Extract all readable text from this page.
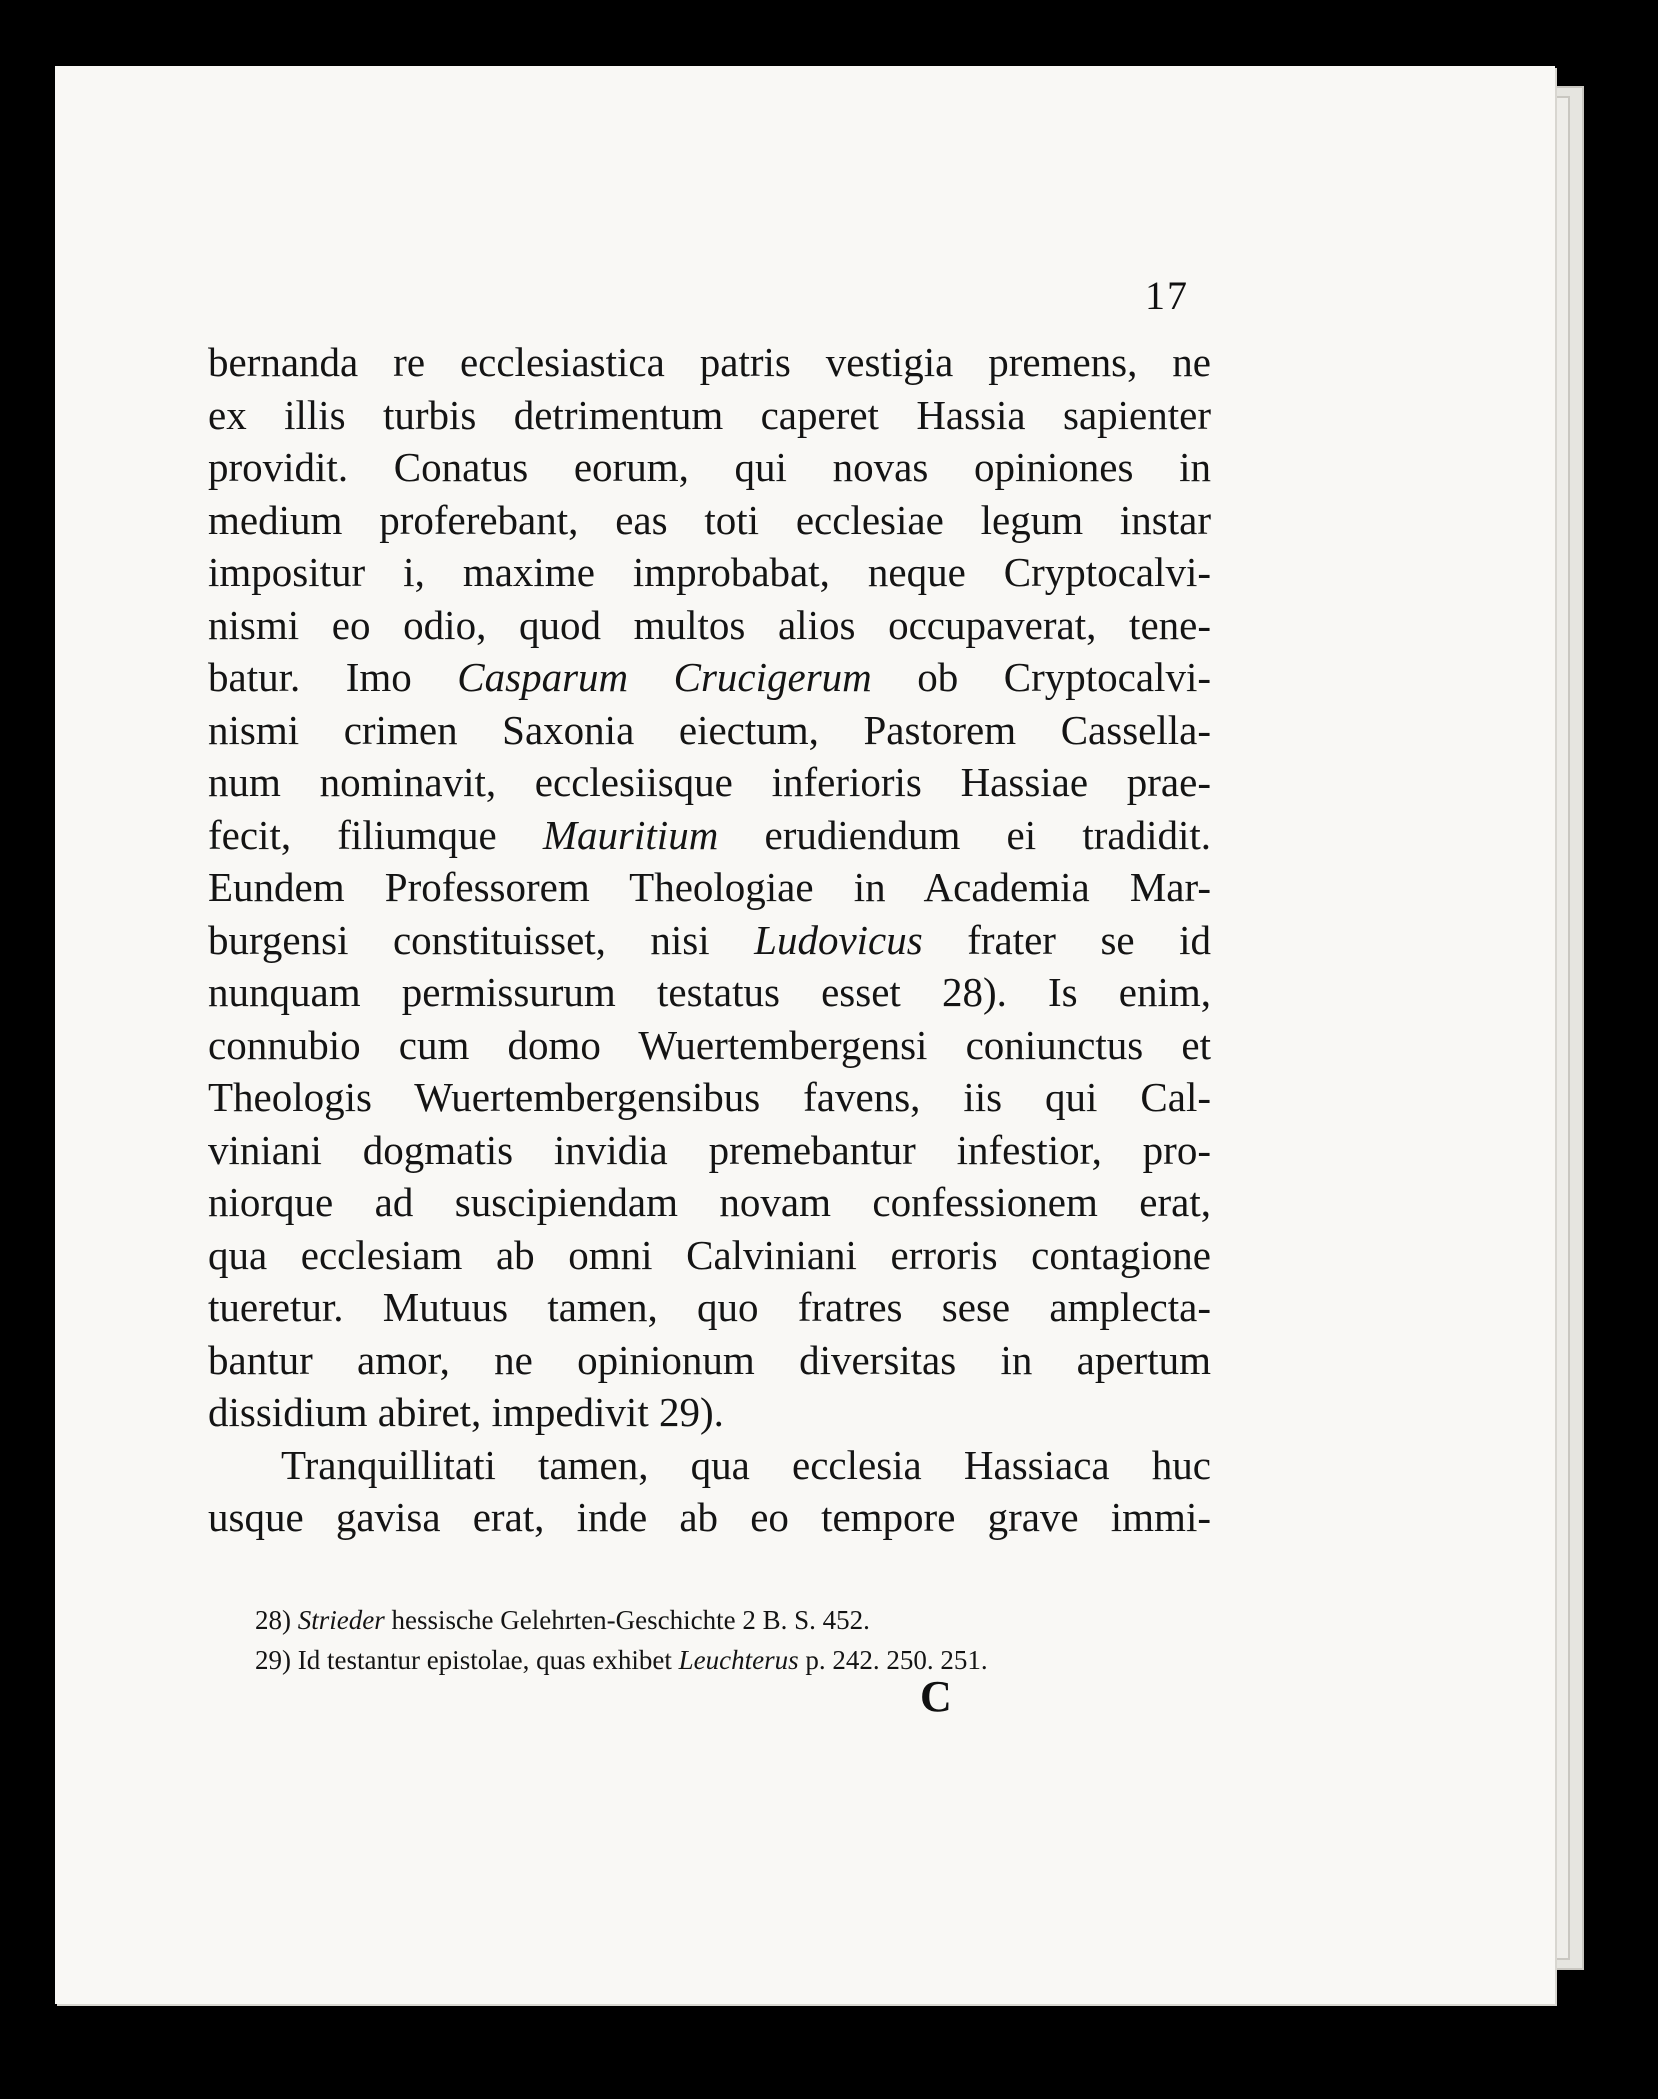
17
bernanda re ecclesiastica patris vestigia premens, ne
ex illis turbis detrimentum caperet Hassia sapienter
providit. Conatus eorum, qui novas opiniones in
medium proferebant, eas toti ecclesiae legum instar
impositur i, maxime improbabat, neque Cryptocalvi-
nismi eo odio, quod multos alios occupaverat, tene-
batur. Imo Casparum Crucigerum ob Cryptocalvi-
nismi crimen Saxonia eiectum, Pastorem Cassella-
num nominavit, ecclesiisque inferioris Hassiae prae-
fecit, filiumque Mauritium erudiendum ei tradidit.
Eundem Professorem Theologiae in Academia Mar-
burgensi constituisset, nisi Ludovicus frater se id
nunquam permissurum testatus esset 28). Is enim,
connubio cum domo Wuertembergensi coniunctus et
Theologis Wuertembergensibus favens, iis qui Cal-
viniani dogmatis invidia premebantur infestior, pro-
niorque ad suscipiendam novam confessionem erat,
qua ecclesiam ab omni Calviniani erroris contagione
tueretur. Mutuus tamen, quo fratres sese amplecta-
bantur amor, ne opinionum diversitas in apertum
dissidium abiret, impedivit 29).
Tranquillitati tamen, qua ecclesia Hassiaca huc
usque gavisa erat, inde ab eo tempore grave immi-
28) Strieder hessische Gelehrten-Geschichte 2 B. S. 452.
29) Id testantur epistolae, quas exhibet Leuchterus p. 242. 250. 251.
C
